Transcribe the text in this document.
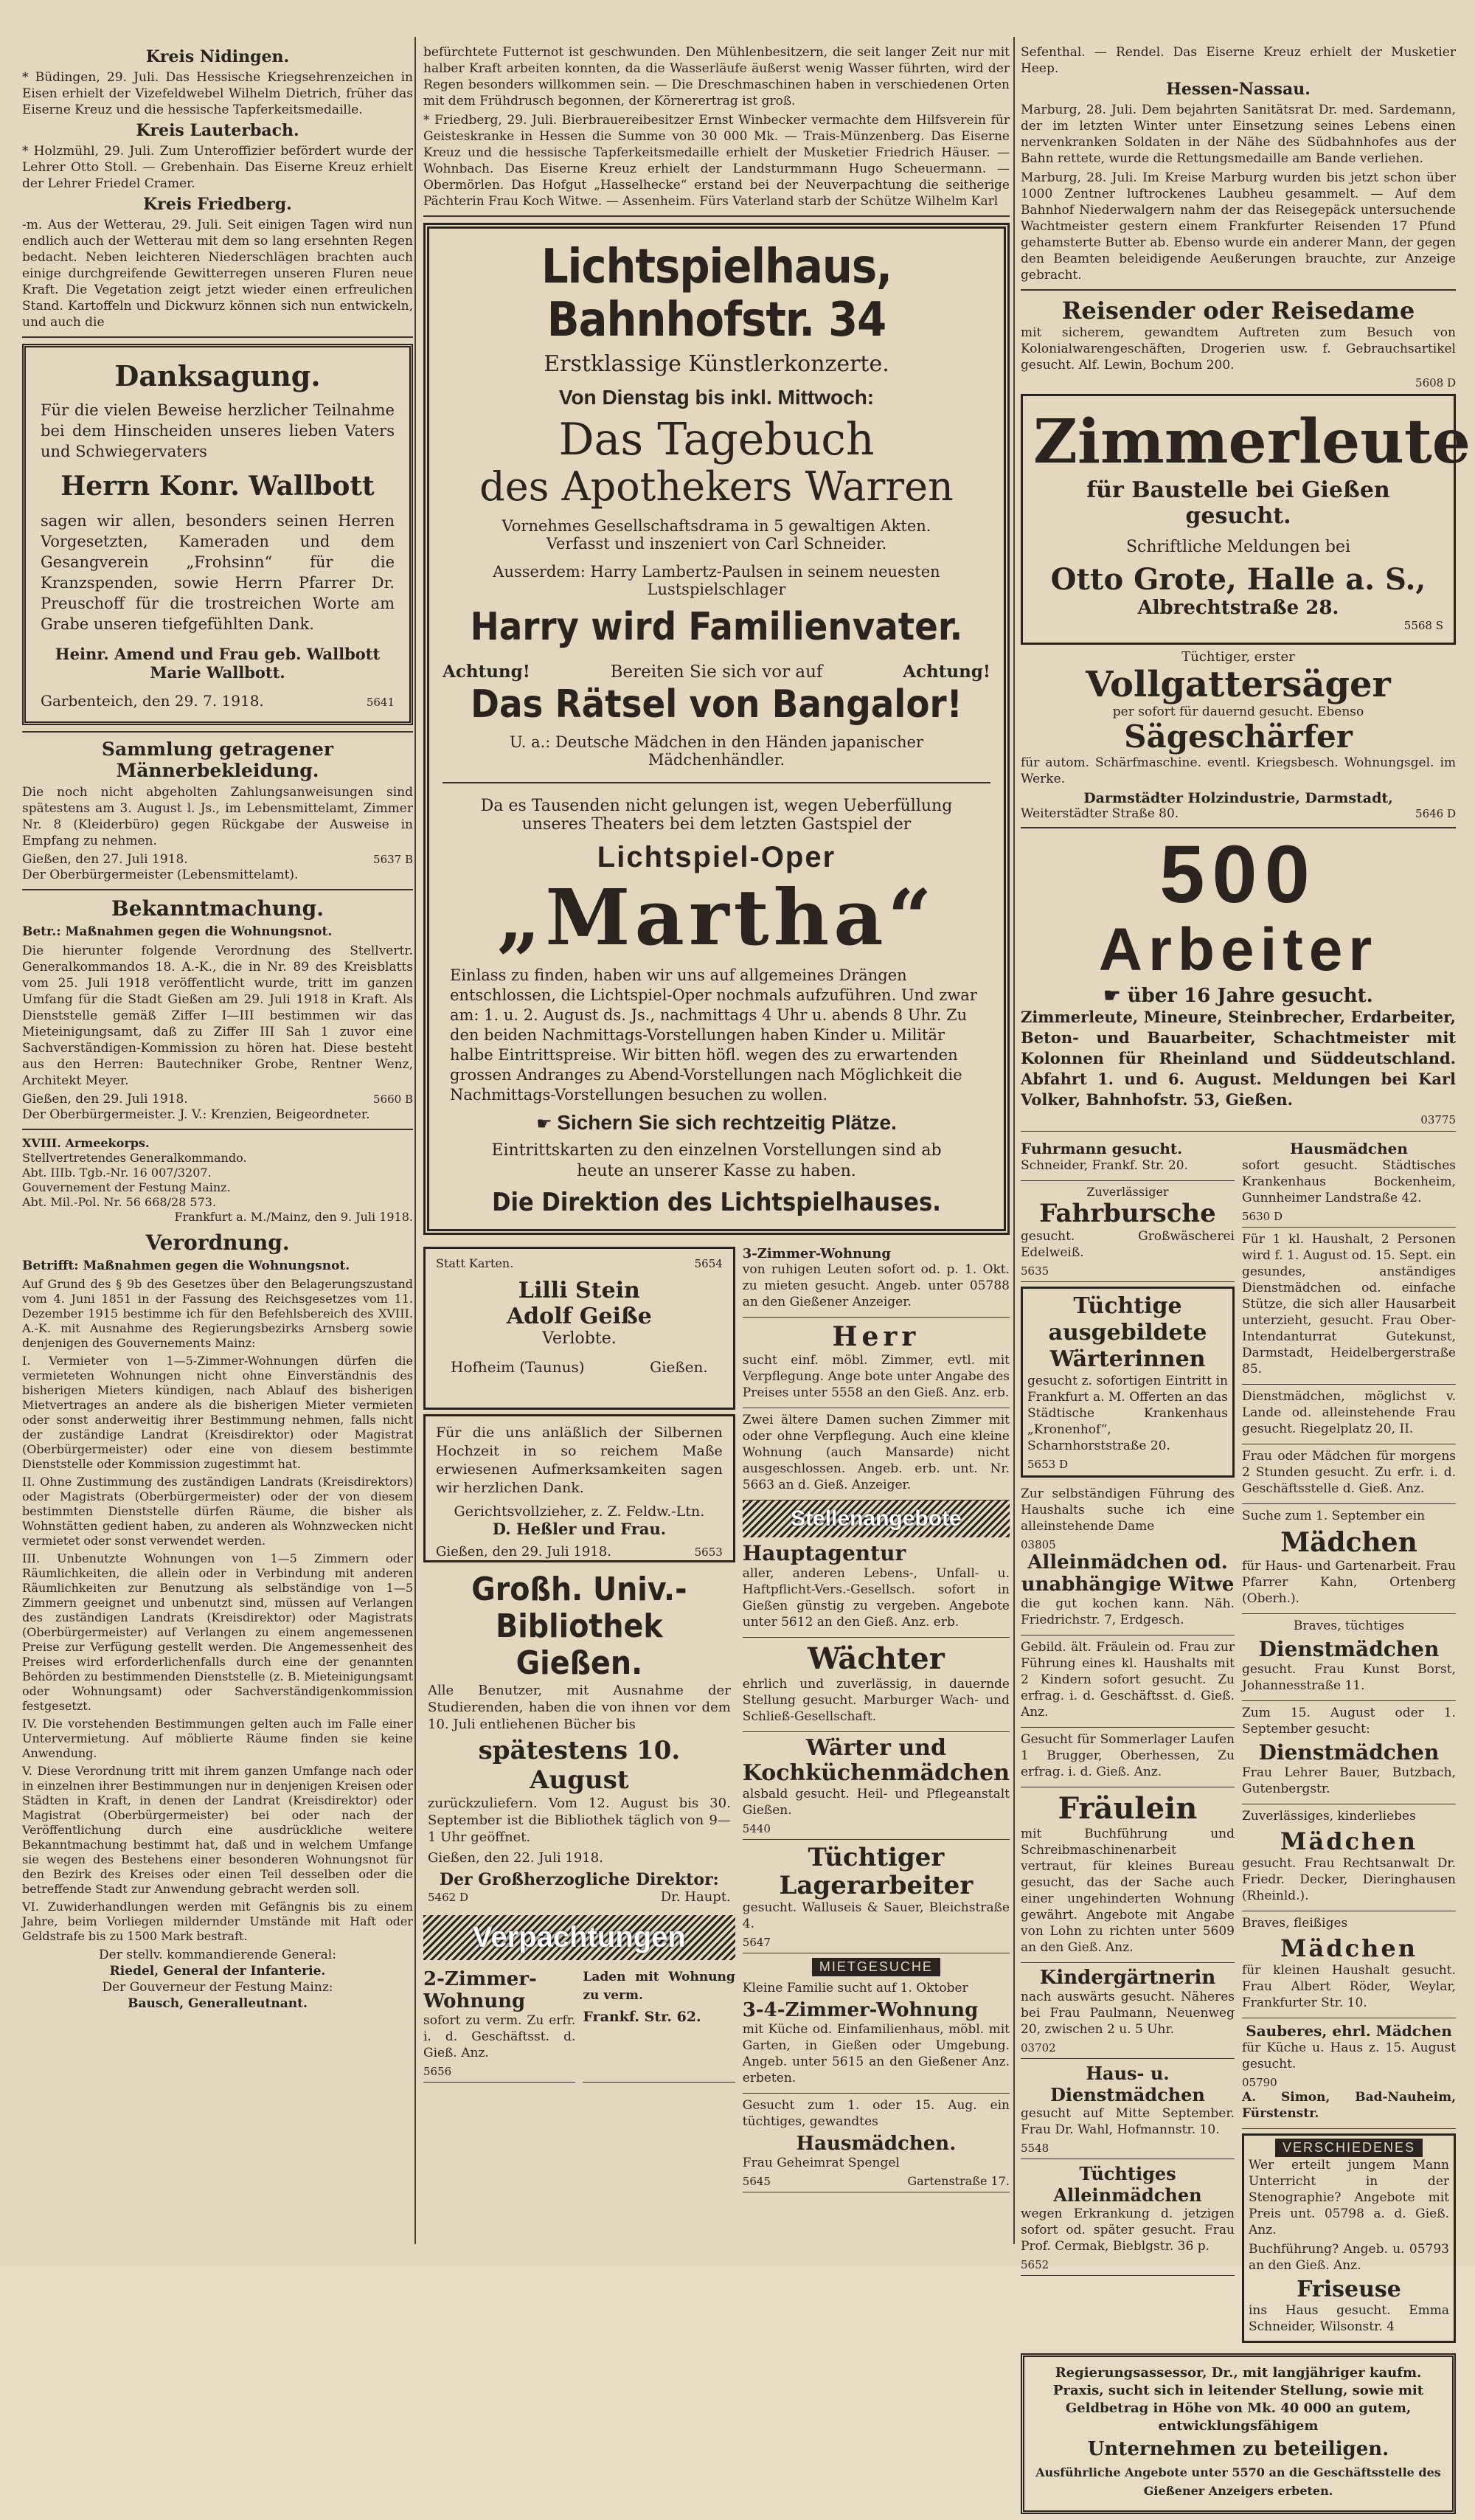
Kreis Nidingen.

* Büdingen, 29. Juli. Das Hessische Kriegsehrenzeichen in Eisen erhielt der Vizefeldwebel Wilhelm Dietrich, früher das Eiserne Kreuz und die hessische Tapferkeitsmedaille.

Kreis Lauterbach.

* Holzmühl, 29. Juli. Zum Unteroffizier befördert wurde der Lehrer Otto Stoll. — Grebenhain. Das Eiserne Kreuz erhielt der Lehrer Friedel Cramer.

Kreis Friedberg.

-m. Aus der Wetterau, 29. Juli. Seit einigen Tagen wird nun endlich auch der Wetterau mit dem so lang ersehnten Regen bedacht. Neben leichteren Niederschlägen brachten auch einige durchgreifende Gewitterregen unseren Fluren neue Kraft. Die Vegetation zeigt jetzt wieder einen erfreulichen Stand. Kartoffeln und Dickwurz können sich nun entwickeln, und auch die

Danksagung.

Für die vielen Beweise herzlicher Teilnahme bei dem Hinscheiden unseres lieben Vaters und Schwiegervaters

Herrn Konr. Wallbott

sagen wir allen, besonders seinen Herren Vorgesetzten, Kameraden und dem Gesangverein „Frohsinn“ für die Kranzspenden, sowie Herrn Pfarrer Dr. Preuschoff für die trostreichen Worte am Grabe unseren tiefgefühlten Dank.

Heinr. Amend und Frau geb. Wallbott
Marie Wallbott.
Garbenteich, den 29. 7. 1918.	5641
Sammlung getragener Männerbekleidung.

Die noch nicht abgeholten Zahlungsanweisungen sind spätestens am 3. August l. Js., im Lebensmittelamt, Zimmer Nr. 8 (Kleiderbüro) gegen Rückgabe der Ausweise in Empfang zu nehmen.

Gießen, den 27. Juli 1918.	5637 B

Der Oberbürgermeister (Lebensmittelamt).

Bekanntmachung.

Betr.: Maßnahmen gegen die Wohnungsnot.

Die hierunter folgende Verordnung des Stellvertr. Generalkommandos 18. A.-K., die in Nr. 89 des Kreisblatts vom 25. Juli 1918 veröffentlicht wurde, tritt im ganzen Umfang für die Stadt Gießen am 29. Juli 1918 in Kraft. Als Dienststelle gemäß Ziffer I—III bestimmen wir das Mieteinigungsamt, daß zu Ziffer III Sah 1 zuvor eine Sachverständigen-Kommission zu hören hat. Diese besteht aus den Herren: Bautechniker Grobe, Rentner Wenz, Architekt Meyer.

Gießen, den 29. Juli 1918.	5660 B

Der Oberbürgermeister. J. V.: Krenzien, Beigeordneter.

XVIII. Armeekorps.
Stellvertretendes Generalkommando.
Abt. IIIb. Tgb.-Nr. 16 007/3207.
Gouvernement der Festung Mainz.
Abt. Mil.-Pol. Nr. 56 668/28 573.
Frankfurt a. M./Mainz, den 9. Juli 1918.
Verordnung.

Betrifft: Maßnahmen gegen die Wohnungsnot.

Auf Grund des § 9b des Gesetzes über den Belagerungszustand vom 4. Juni 1851 in der Fassung des Reichsgesetzes vom 11. Dezember 1915 bestimme ich für den Befehlsbereich des XVIII. A.-K. mit Ausnahme des Regierungsbezirks Arnsberg sowie denjenigen des Gouvernements Mainz:

I. Vermieter von 1—5-Zimmer-Wohnungen dürfen die vermieteten Wohnungen nicht ohne Einverständnis des bisherigen Mieters kündigen, nach Ablauf des bisherigen Mietvertrages an andere als die bisherigen Mieter vermieten oder sonst anderweitig ihrer Bestimmung nehmen, falls nicht der zuständige Landrat (Kreisdirektor) oder Magistrat (Oberbürgermeister) oder eine von diesem bestimmte Dienststelle oder Kommission zugestimmt hat.

II. Ohne Zustimmung des zuständigen Landrats (Kreisdirektors) oder Magistrats (Oberbürgermeister) oder der von diesem bestimmten Dienststelle dürfen Räume, die bisher als Wohnstätten gedient haben, zu anderen als Wohnzwecken nicht vermietet oder sonst verwendet werden.

III. Unbenutzte Wohnungen von 1—5 Zimmern oder Räumlichkeiten, die allein oder in Verbindung mit anderen Räumlichkeiten zur Benutzung als selbständige von 1—5 Zimmern geeignet und unbenutzt sind, müssen auf Verlangen des zuständigen Landrats (Kreisdirektor) oder Magistrats (Oberbürgermeister) auf Verlangen zu einem angemessenen Preise zur Verfügung gestellt werden. Die Angemessenheit des Preises wird erforderlichenfalls durch eine der genannten Behörden zu bestimmenden Dienststelle (z. B. Mieteinigungsamt oder Wohnungsamt) oder Sachverständigenkommission festgesetzt.

IV. Die vorstehenden Bestimmungen gelten auch im Falle einer Untervermietung. Auf möblierte Räume finden sie keine Anwendung.

V. Diese Verordnung tritt mit ihrem ganzen Umfange nach oder in einzelnen ihrer Bestimmungen nur in denjenigen Kreisen oder Städten in Kraft, in denen der Landrat (Kreisdirektor) oder Magistrat (Oberbürgermeister) bei oder nach der Veröffentlichung durch eine ausdrückliche weitere Bekanntmachung bestimmt hat, daß und in welchem Umfange sie wegen des Bestehens einer besonderen Wohnungsnot für den Bezirk des Kreises oder einen Teil desselben oder die betreffende Stadt zur Anwendung gebracht werden soll.

VI. Zuwiderhandlungen werden mit Gefängnis bis zu einem Jahre, beim Vorliegen mildernder Umstände mit Haft oder Geldstrafe bis zu 1500 Mark bestraft.

Der stellv. kommandierende General:
Riedel, General der Infanterie.
Der Gouverneur der Festung Mainz:
Bausch, Generalleutnant.

befürchtete Futternot ist geschwunden. Den Mühlenbesitzern, die seit langer Zeit nur mit halber Kraft arbeiten konnten, da die Wasserläufe äußerst wenig Wasser führten, wird der Regen besonders willkommen sein. — Die Dreschmaschinen haben in verschiedenen Orten mit dem Frühdrusch begonnen, der Körnerertrag ist groß.

* Friedberg, 29. Juli. Bierbrauereibesitzer Ernst Winbecker vermachte dem Hilfsverein für Geisteskranke in Hessen die Summe von 30 000 Mk. — Trais-Münzenberg. Das Eiserne Kreuz und die hessische Tapferkeitsmedaille erhielt der Musketier Friedrich Häuser. — Wohnbach. Das Eiserne Kreuz erhielt der Landsturmmann Hugo Scheuermann. — Obermörlen. Das Hofgut „Hasselhecke“ erstand bei der Neuverpachtung die seitherige Pächterin Frau Koch Witwe. — Assenheim. Fürs Vaterland starb der Schütze Wilhelm Karl

Lichtspielhaus, Bahnhofstr. 34
Erstklassige Künstlerkonzerte.
Von Dienstag bis inkl. Mittwoch:
Das Tagebuch
des Apothekers Warren
Vornehmes Gesellschaftsdrama in 5 gewaltigen Akten.
Verfasst und inszeniert von Carl Schneider.
Ausserdem: Harry Lambertz-Paulsen in seinem neuesten Lustspielschlager
Harry wird Familienvater.
Achtung!	Bereiten Sie sich vor auf	Achtung!
Das Rätsel von Bangalor!
U. a.: Deutsche Mädchen in den Händen japanischer Mädchenhändler.
Da es Tausenden nicht gelungen ist, wegen Ueberfüllung unseres Theaters bei dem letzten Gastspiel der
Lichtspiel-Oper
„Martha“

Einlass zu finden, haben wir uns auf allgemeines Drängen entschlossen, die Lichtspiel-Oper nochmals aufzuführen. Und zwar am: 1. u. 2. August ds. Js., nachmittags 4 Uhr u. abends 8 Uhr. Zu den beiden Nachmittags-Vorstellungen haben Kinder u. Militär halbe Eintrittspreise. Wir bitten höfl. wegen des zu erwartenden grossen Andranges zu Abend-Vorstellungen nach Möglichkeit die Nachmittags-Vorstellungen besuchen zu wollen.

☛ Sichern Sie sich rechtzeitig Plätze.

Eintrittskarten zu den einzelnen Vorstellungen sind ab heute an unserer Kasse zu haben.

Die Direktion des Lichtspielhauses.
Statt Karten.	5654
Lilli Stein
Adolf Geiße
Verlobte.
Hofheim (Taunus)	Gießen.

Für die uns anläßlich der Silbernen Hochzeit in so reichem Maße erwiesenen Aufmerksamkeiten sagen wir herzlichen Dank.

Gerichtsvollzieher, z. Z. Feldw.-Ltn.
D. Heßler und Frau.
Gießen, den 29. Juli 1918.	5653
Großh. Univ.-Bibliothek
Gießen.

Alle Benutzer, mit Ausnahme der Studierenden, haben die von ihnen vor dem 10. Juli entliehenen Bücher bis

spätestens 10. August

zurückzuliefern. Vom 12. August bis 30. September ist die Bibliothek täglich von 9—1 Uhr geöffnet.

Gießen, den 22. Juli 1918.

Der Großherzogliche Direktor:
5462 D	Dr. Haupt.
Verpachtungen
2-Zimmer-Wohnung

sofort zu verm. Zu erfr. i. d. Geschäftsst. d. Gieß. Anz.

5656

Laden mit Wohnung zu verm.

Frankf. Str. 62.

3-Zimmer-Wohnung

von ruhigen Leuten sofort od. p. 1. Okt. zu mieten gesucht. Angeb. unter 05788 an den Gießener Anzeiger.

Herr

sucht einf. möbl. Zimmer, evtl. mit Verpflegung. Ange bote unter Angabe des Preises unter 5558 an den Gieß. Anz. erb.

Zwei ältere Damen suchen Zimmer mit oder ohne Verpflegung. Auch eine kleine Wohnung (auch Mansarde) nicht ausgeschlossen. Angeb. erb. unt. Nr. 5663 an d. Gieß. Anzeiger.

Stellenangebote
Hauptagentur

aller, anderen Lebens-, Unfall- u. Haftpflicht-Vers.-Gesellsch. sofort in Gießen günstig zu vergeben. Angebote unter 5612 an den Gieß. Anz. erb.

Wächter

ehrlich und zuverlässig, in dauernde Stellung gesucht. Marburger Wach- und Schließ-Gesellschaft.

Wärter und Kochküchenmädchen

alsbald gesucht. Heil- und Pflegeanstalt Gießen.

5440
Tüchtiger Lagerarbeiter

gesucht. Walluseis & Sauer, Bleichstraße 4.

5647
MIETGESUCHE

Kleine Familie sucht auf 1. Oktober

3-4-Zimmer-Wohnung

mit Küche od. Einfamilienhaus, möbl. mit Garten, in Gießen oder Umgebung. Angeb. unter 5615 an den Gießener Anz. erbeten.

Gesucht zum 1. oder 15. Aug. ein tüchtiges, gewandtes

Hausmädchen.

Frau Geheimrat Spengel

5645	Gartenstraße 17.

Sefenthal. — Rendel. Das Eiserne Kreuz erhielt der Musketier Heep.

Hessen-Nassau.

Marburg, 28. Juli. Dem bejahrten Sanitätsrat Dr. med. Sardemann, der im letzten Winter unter Einsetzung seines Lebens einen nervenkranken Soldaten in der Nähe des Südbahnhofes aus der Bahn rettete, wurde die Rettungsmedaille am Bande verliehen.

Marburg, 28. Juli. Im Kreise Marburg wurden bis jetzt schon über 1000 Zentner luftrockenes Laubheu gesammelt. — Auf dem Bahnhof Niederwalgern nahm der das Reisegepäck untersuchende Wachtmeister gestern einem Frankfurter Reisenden 17 Pfund gehamsterte Butter ab. Ebenso wurde ein anderer Mann, der gegen den Beamten beleidigende Aeußerungen brauchte, zur Anzeige gebracht.

Reisender oder Reisedame

mit sicherem, gewandtem Auftreten zum Besuch von Kolonialwarengeschäften, Drogerien usw. f. Gebrauchsartikel gesucht. Alf. Lewin, Bochum 200.

5608 D
Zimmerleute
für Baustelle bei Gießen gesucht.
Schriftliche Meldungen bei
Otto Grote, Halle a. S.,
Albrechtstraße 28.
5568 S
Tüchtiger, erster
Vollgattersäger
per sofort für dauernd gesucht. Ebenso
Sägeschärfer

für autom. Schärfmaschine. eventl. Kriegsbesch. Wohnungsgel. im Werke.

Darmstädter Holzindustrie, Darmstadt,
Weiterstädter Straße 80.	5646 D
500
Arbeiter
☛ über 16 Jahre gesucht.

Zimmerleute, Mineure, Steinbrecher, Erdarbeiter, Beton- und Bauarbeiter, Schachtmeister mit Kolonnen für Rheinland und Süddeutschland. Abfahrt 1. und 6. August. Meldungen bei Karl Volker, Bahnhofstr. 53, Gießen.

03775
Fuhrmann gesucht.

Schneider, Frankf. Str. 20.

Zuverlässiger
Fahrbursche

gesucht. Großwäscherei Edelweiß.

5635
Tüchtige ausgebildete Wärterinnen

gesucht z. sofortigen Eintritt in Frankfurt a. M. Offerten an das Städtische Krankenhaus „Kronenhof“, Scharnhorststraße 20.

5653 D

Zur selbständigen Führung des Haushalts suche ich eine alleinstehende Dame

03805
Alleinmädchen od. unabhängige Witwe

die gut kochen kann. Näh. Friedrichstr. 7, Erdgesch.

Gebild. ält. Fräulein od. Frau zur Führung eines kl. Haushalts mit 2 Kindern sofort gesucht. Zu erfrag. i. d. Geschäftsst. d. Gieß. Anz.

Gesucht für Sommerlager Laufen 1 Brugger, Oberhessen, Zu erfrag. i. d. Gieß. Anz.

Fräulein

mit Buchführung und Schreibmaschinenarbeit vertraut, für kleines Bureau gesucht, das der Sache auch einer ungehinderten Wohnung gewährt. Angebote mit Angabe von Lohn zu richten unter 5609 an den Gieß. Anz.

Kindergärtnerin

nach auswärts gesucht. Näheres bei Frau Paulmann, Neuenweg 20, zwischen 2 u. 5 Uhr.

03702
Haus- u. Dienstmädchen

gesucht auf Mitte September. Frau Dr. Wahl, Hofmannstr. 10.

5548
Tüchtiges Alleinmädchen

wegen Erkrankung d. jetzigen sofort od. später gesucht. Frau Prof. Cermak, Bieblgstr. 36 p.

5652
Hausmädchen

sofort gesucht. Städtisches Krankenhaus Bockenheim, Gunnheimer Landstraße 42.

5630 D

Für 1 kl. Haushalt, 2 Personen wird f. 1. August od. 15. Sept. ein gesundes, anständiges Dienstmädchen od. einfache Stütze, die sich aller Hausarbeit unterzieht, gesucht. Frau Ober-Intendanturrat Gutekunst, Darmstadt, Heidelbergerstraße 85.

Dienstmädchen, möglichst v. Lande od. alleinstehende Frau gesucht. Riegelplatz 20, II.

Frau oder Mädchen für morgens 2 Stunden gesucht. Zu erfr. i. d. Geschäftsstelle d. Gieß. Anz.

Suche zum 1. September ein

Mädchen

für Haus- und Gartenarbeit. Frau Pfarrer Kahn, Ortenberg (Oberh.).

Braves, tüchtiges

Dienstmädchen

gesucht. Frau Kunst Borst, Johannesstraße 11.

Zum 15. August oder 1. September gesucht:

Dienstmädchen

Frau Lehrer Bauer, Butzbach, Gutenbergstr.

Zuverlässiges, kinderliebes

Mädchen

gesucht. Frau Rechtsanwalt Dr. Friedr. Decker, Dieringhausen (Rheinld.).

Braves, fleißiges

Mädchen

für kleinen Haushalt gesucht. Frau Albert Röder, Weylar, Frankfurter Str. 10.

Sauberes, ehrl. Mädchen

für Küche u. Haus z. 15. August gesucht.

05790

A. Simon, Bad-Nauheim, Fürstenstr.

VERSCHIEDENES

Wer erteilt jungem Mann Unterricht in der Stenographie? Angebote mit Preis unt. 05798 a. d. Gieß. Anz.

Buchführung? Angeb. u. 05793 an den Gieß. Anz.

Friseuse

ins Haus gesucht. Emma Schneider, Wilsonstr. 4

Regierungsassessor, Dr., mit langjähriger kaufm. Praxis, sucht sich in leitender Stellung, sowie mit Geldbetrag in Höhe von Mk. 40 000 an gutem, entwicklungsfähigem

Unternehmen zu beteiligen.

Ausführliche Angebote unter 5570 an die Geschäftsstelle des Gießener Anzeigers erbeten.
